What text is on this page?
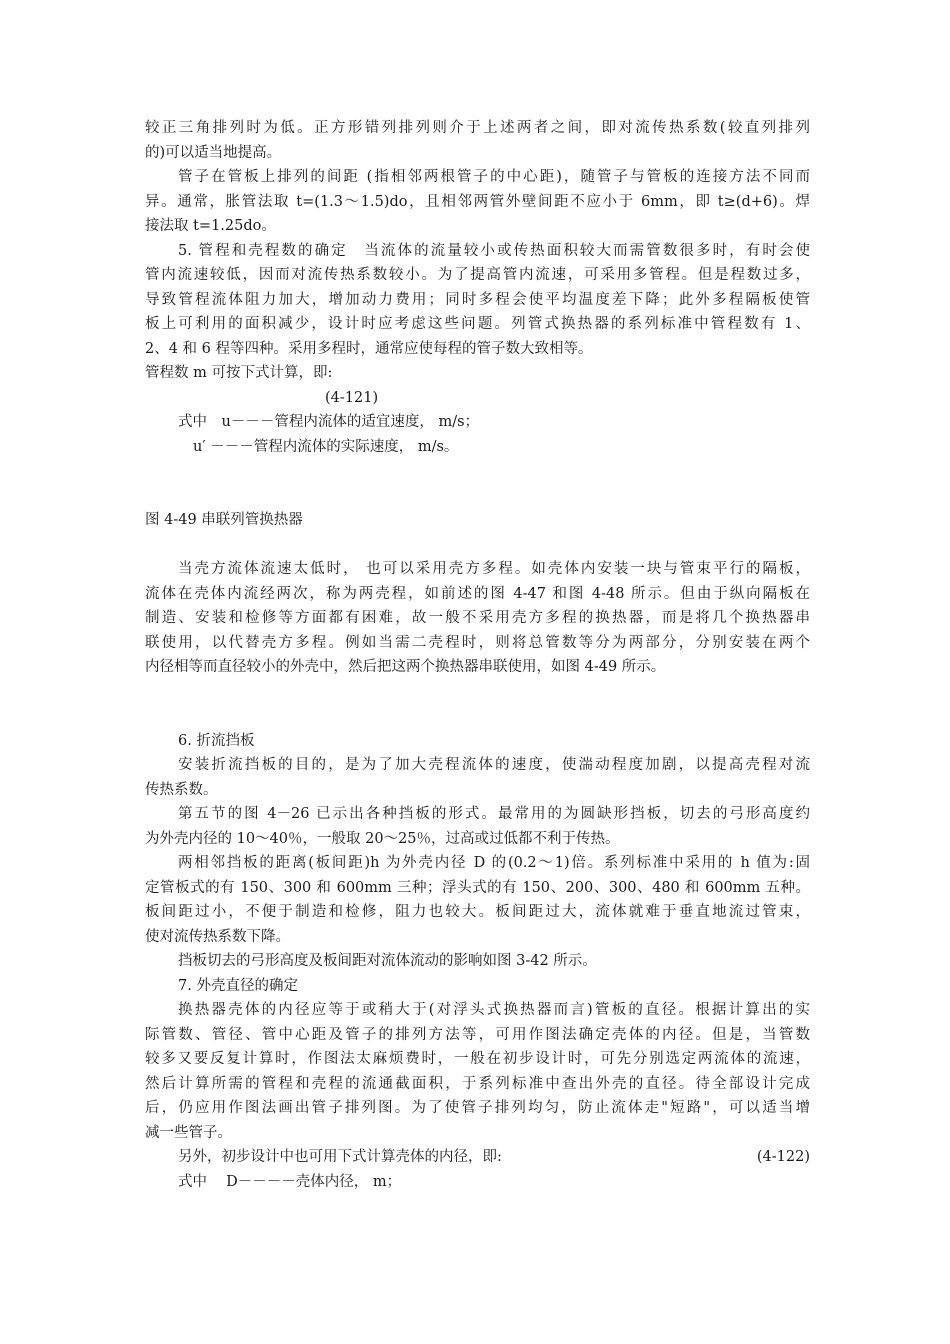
较正三角排列时为低。正方形错列排列则介于上述两者之间，即对流传热系数(较直列排列
的)可以适当地提高。
管子在管板上排列的间距 (指相邻两根管子的中心距)，随管子与管板的连接方法不同而
异。通常，胀管法取 t=(1.3～1.5)do，且相邻两管外壁间距不应小于 6mm，即 t≥(d+6)。焊
接法取 t=1.25do。
5. 管程和壳程数的确定　当流体的流量较小或传热面积较大而需管数很多时，有时会使
管内流速较低，因而对流传热系数较小。为了提高管内流速，可采用多管程。但是程数过多，
导致管程流体阻力加大，增加动力费用；同时多程会使平均温度差下降；此外多程隔板使管
板上可利用的面积减少，设计时应考虑这些问题。列管式换热器的系列标准中管程数有 1、
2、4 和 6 程等四种。采用多程时，通常应使每程的管子数大致相等。
管程数 m 可按下式计算，即:
(4-121)
式中　u－－－管程内流体的适宜速度， m/s；
u′ －－－管程内流体的实际速度， m/s。
图 4-49 串联列管换热器
当壳方流体流速太低时， 也可以采用壳方多程。如壳体内安装一块与管束平行的隔板，
流体在壳体内流经两次，称为两壳程，如前述的图 4-47 和图 4-48 所示。但由于纵向隔板在
制造、安装和检修等方面都有困难，故一般不采用壳方多程的换热器，而是将几个换热器串
联使用，以代替壳方多程。例如当需二壳程时，则将总管数等分为两部分，分别安装在两个
内径相等而直径较小的外壳中，然后把这两个换热器串联使用，如图 4-49 所示。
6. 折流挡板
安装折流挡板的目的，是为了加大壳程流体的速度，使湍动程度加剧，以提高壳程对流
传热系数。
第五节的图 4－26 已示出各种挡板的形式。最常用的为圆缺形挡板，切去的弓形高度约
为外壳内径的 10～40％，一般取 20～25％，过高或过低都不利于传热。
两相邻挡板的距离(板间距)h 为外壳内径 D 的(0.2～1)倍。系列标准中采用的 h 值为:固
定管板式的有 150、300 和 600mm 三种；浮头式的有 150、200、300、480 和 600mm 五种。
板间距过小，不便于制造和检修，阻力也较大。板间距过大，流体就难于垂直地流过管束，
使对流传热系数下降。
挡板切去的弓形高度及板间距对流体流动的影响如图 3-42 所示。
7. 外壳直径的确定
换热器壳体的内径应等于或稍大于(对浮头式换热器而言)管板的直径。根据计算出的实
际管数、管径、管中心距及管子的排列方法等，可用作图法确定壳体的内径。但是，当管数
较多又要反复计算时，作图法太麻烦费时，一般在初步设计时，可先分别选定两流体的流速，
然后计算所需的管程和壳程的流通截面积，于系列标准中查出外壳的直径。待全部设计完成
后，仍应用作图法画出管子排列图。为了使管子排列均匀，防止流体走"短路"，可以适当增
减一些管子。
另外，初步设计中也可用下式计算壳体的内径，即:	(4-122)
式中　 D－－－－壳体内径， m；
